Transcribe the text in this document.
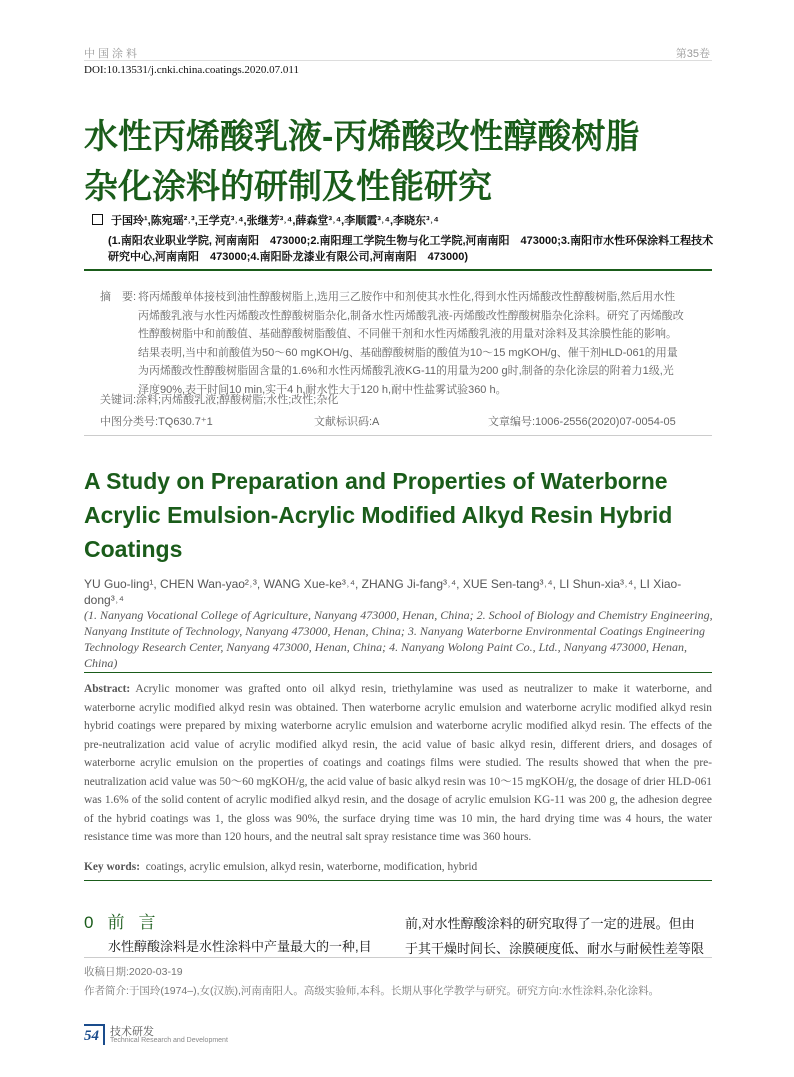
中国涂料	第35卷
DOI:10.13531/j.cnki.china.coatings.2020.07.011
水性丙烯酸乳液-丙烯酸改性醇酸树脂
杂化涂料的研制及性能研究
于国玲¹,陈宛瑶²˒³,王学克³˒⁴,张继芳³˒⁴,薛森堂³˒⁴,李顺霞³˒⁴,李晓东³˒⁴
(1.南阳农业职业学院, 河南南阳　473000;2.南阳理工学院生物与化工学院,河南南阳　473000;3.南阳市水性环保涂料工程技术研究中心,河南南阳　473000;4.南阳卧龙漆业有限公司,河南南阳　473000)
摘　要: 将丙烯酸单体接枝到油性醇酸树脂上,选用三乙胺作中和剂使其水性化,得到水性丙烯酸改性醇酸树脂,然后用水性丙烯酸乳液与水性丙烯酸改性醇酸树脂杂化,制备水性丙烯酸乳液-丙烯酸改性醇酸树脂杂化涂料。研究了丙烯酸改性醇酸树脂中和前酸值、基础醇酸树脂酸值、不同催干剂和水性丙烯酸乳液的用量对涂料及其涂膜性能的影响。结果表明,当中和前酸值为50～60 mgKOH/g、基础醇酸树脂的酸值为10～15 mgKOH/g、催干剂HLD-061的用量为丙烯酸改性醇酸树脂固含量的1.6%和水性丙烯酸乳液KG-11的用量为200 g时,制备的杂化涂层的附着力1级,光泽度90%,表干时间10 min,实干4 h,耐水性大于120 h,耐中性盐雾试验360 h。
关键词:涂料;丙烯酸乳液;醇酸树脂;水性;改性;杂化
中图分类号:TQ630.7⁺1	文献标识码:A	文章编号:1006-2556(2020)07-0054-05
A Study on Preparation and Properties of Waterborne
Acrylic Emulsion-Acrylic Modified Alkyd Resin Hybrid
Coatings
YU Guo-ling¹, CHEN Wan-yao²˒³, WANG Xue-ke³˒⁴, ZHANG Ji-fang³˒⁴, XUE Sen-tang³˒⁴, LI Shun-xia³˒⁴, LI Xiao-dong³˒⁴
(1. Nanyang Vocational College of Agriculture, Nanyang 473000, Henan, China; 2. School of Biology and Chemistry Engineering, Nanyang Institute of Technology, Nanyang 473000, Henan, China; 3. Nanyang Waterborne Environmental Coatings Engineering Technology Research Center, Nanyang 473000, Henan, China; 4. Nanyang Wolong Paint Co., Ltd., Nanyang 473000, Henan, China)
Abstract: Acrylic monomer was grafted onto oil alkyd resin, triethylamine was used as neutralizer to make it waterborne, and waterborne acrylic modified alkyd resin was obtained. Then waterborne acrylic emulsion and waterborne acrylic modified alkyd resin hybrid coatings were prepared by mixing waterborne acrylic emulsion and waterborne acrylic modified alkyd resin. The effects of the pre-neutralization acid value of acrylic modified alkyd resin, the acid value of basic alkyd resin, different driers, and dosages of waterborne acrylic emulsion on the properties of coatings and coatings films were studied. The results showed that when the pre-neutralization acid value was 50～60 mgKOH/g, the acid value of basic alkyd resin was 10～15 mgKOH/g, the dosage of drier HLD-061 was 1.6% of the solid content of acrylic modified alkyd resin, and the dosage of acrylic emulsion KG-11 was 200 g, the adhesion degree of the hybrid coatings was 1, the gloss was 90%, the surface drying time was 10 min, the hard drying time was 4 hours, the water resistance time was more than 120 hours, and the neutral salt spray resistance time was 360 hours.
Key words: coatings, acrylic emulsion, alkyd resin, waterborne, modification, hybrid
0 前言
水性醇酸涂料是水性涂料中产量最大的一种,目
前,对水性醇酸涂料的研究取得了一定的进展。但由
于其干燥时间长、涂膜硬度低、耐水与耐候性差等限
收稿日期:2020-03-19
作者简介:于国玲(1974–),女(汉族),河南南阳人。高级实验师,本科。长期从事化学教学与研究。研究方向:水性涂料,杂化涂料。
54	技术研发
Technical Research and Development
